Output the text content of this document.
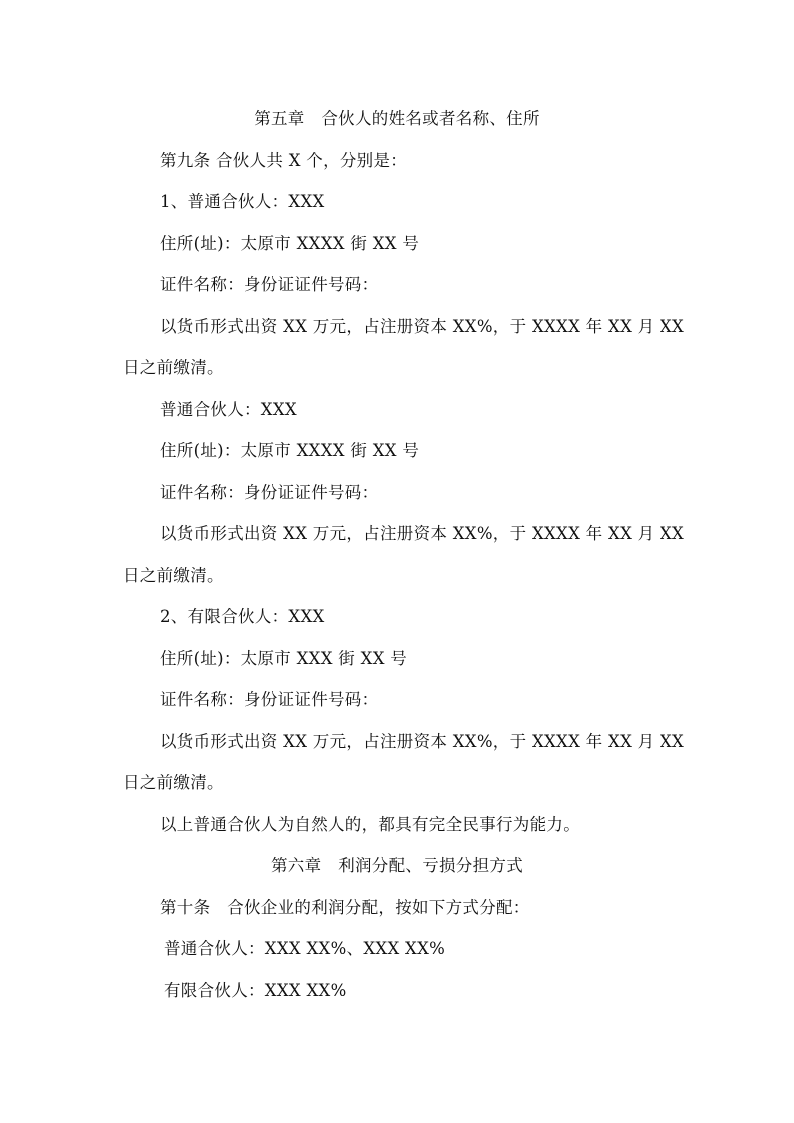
第五章　合伙人的姓名或者名称、住所
第九条 合伙人共 X 个，分别是：
1、普通合伙人：XXX
住所(址)：太原市 XXXX 街 XX 号
证件名称：身份证证件号码：
以货币形式出资 XX 万元，占注册资本 XX%，于 XXXX 年 XX 月 XX
日之前缴清。
普通合伙人：XXX
住所(址)：太原市 XXXX 街 XX 号
证件名称：身份证证件号码：
以货币形式出资 XX 万元，占注册资本 XX%，于 XXXX 年 XX 月 XX
日之前缴清。
2、有限合伙人：XXX
住所(址)：太原市 XXX 街 XX 号
证件名称：身份证证件号码：
以货币形式出资 XX 万元，占注册资本 XX%，于 XXXX 年 XX 月 XX
日之前缴清。
以上普通合伙人为自然人的，都具有完全民事行为能力。
第六章　利润分配、亏损分担方式
第十条　合伙企业的利润分配，按如下方式分配：
普通合伙人：XXX XX%、XXX XX%
有限合伙人：XXX XX%
